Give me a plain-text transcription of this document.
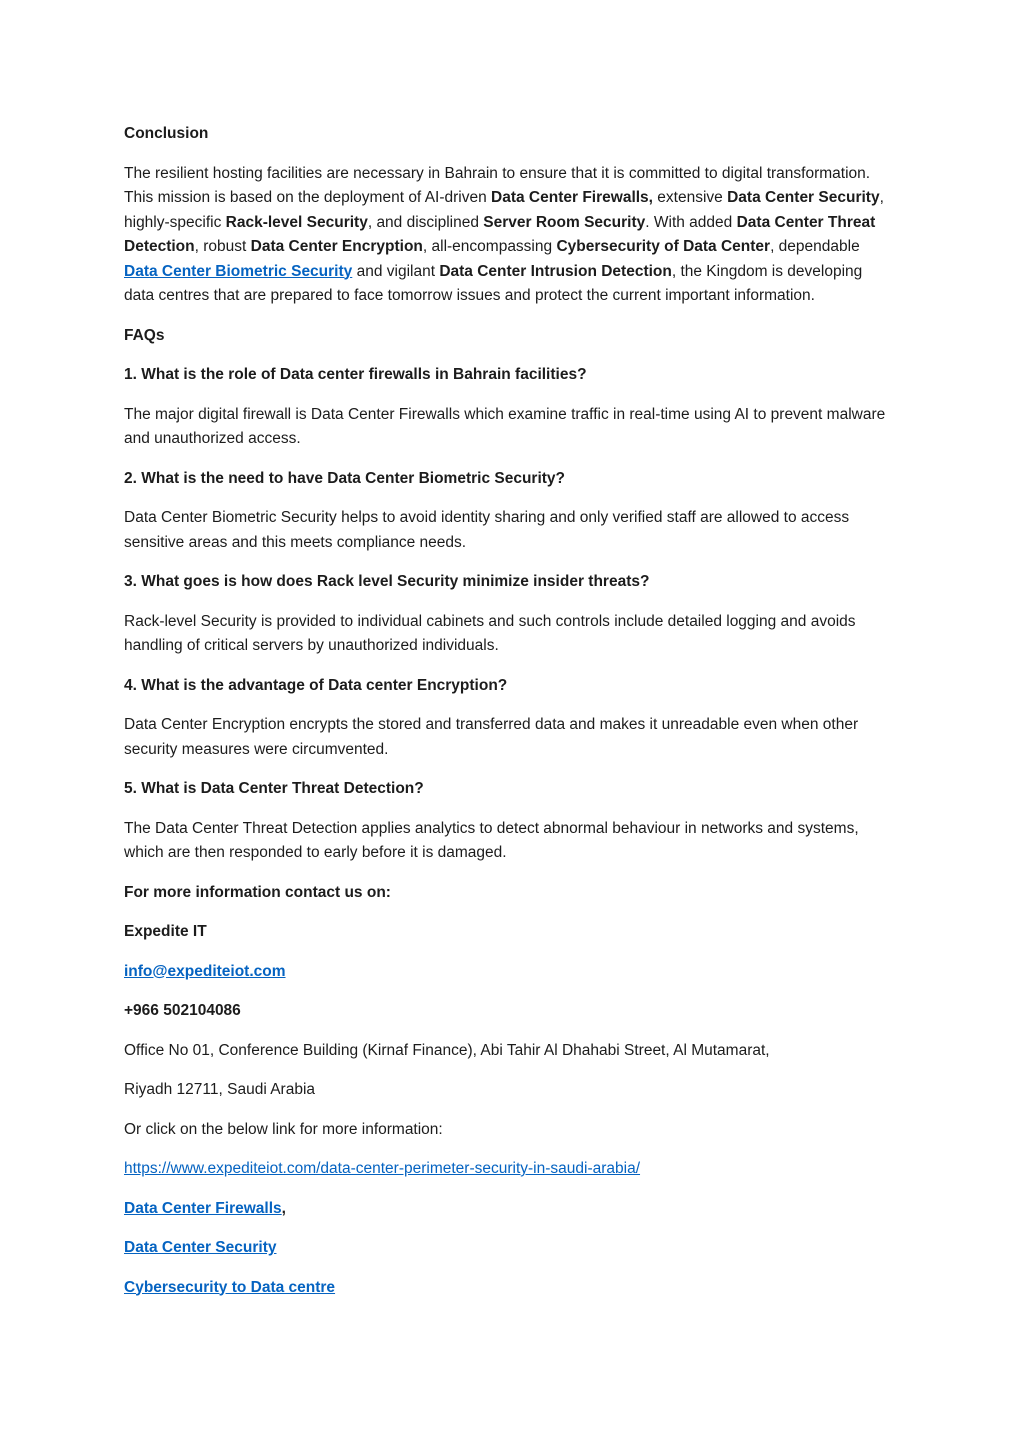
Conclusion
The resilient hosting facilities are necessary in Bahrain to ensure that it is committed to digital transformation. This mission is based on the deployment of AI-driven Data Center Firewalls, extensive Data Center Security, highly-specific Rack-level Security, and disciplined Server Room Security. With added Data Center Threat Detection, robust Data Center Encryption, all-encompassing Cybersecurity of Data Center, dependable Data Center Biometric Security and vigilant Data Center Intrusion Detection, the Kingdom is developing data centres that are prepared to face tomorrow issues and protect the current important information.
FAQs
1. What is the role of Data center firewalls in Bahrain facilities?
The major digital firewall is Data Center Firewalls which examine traffic in real-time using AI to prevent malware and unauthorized access.
2. What is the need to have Data Center Biometric Security?
Data Center Biometric Security helps to avoid identity sharing and only verified staff are allowed to access sensitive areas and this meets compliance needs.
3. What goes is how does Rack level Security minimize insider threats?
Rack-level Security is provided to individual cabinets and such controls include detailed logging and avoids handling of critical servers by unauthorized individuals.
4. What is the advantage of Data center Encryption?
Data Center Encryption encrypts the stored and transferred data and makes it unreadable even when other security measures were circumvented.
5. What is Data Center Threat Detection?
The Data Center Threat Detection applies analytics to detect abnormal behaviour in networks and systems, which are then responded to early before it is damaged.
For more information contact us on:
Expedite IT
info@expediteiot.com
+966 502104086
Office No 01, Conference Building (Kirnaf Finance), Abi Tahir Al Dhahabi Street, Al Mutamarat,
Riyadh 12711, Saudi Arabia
Or click on the below link for more information:
https://www.expediteiot.com/data-center-perimeter-security-in-saudi-arabia/
Data Center Firewalls,
Data Center Security
Cybersecurity to Data centre
